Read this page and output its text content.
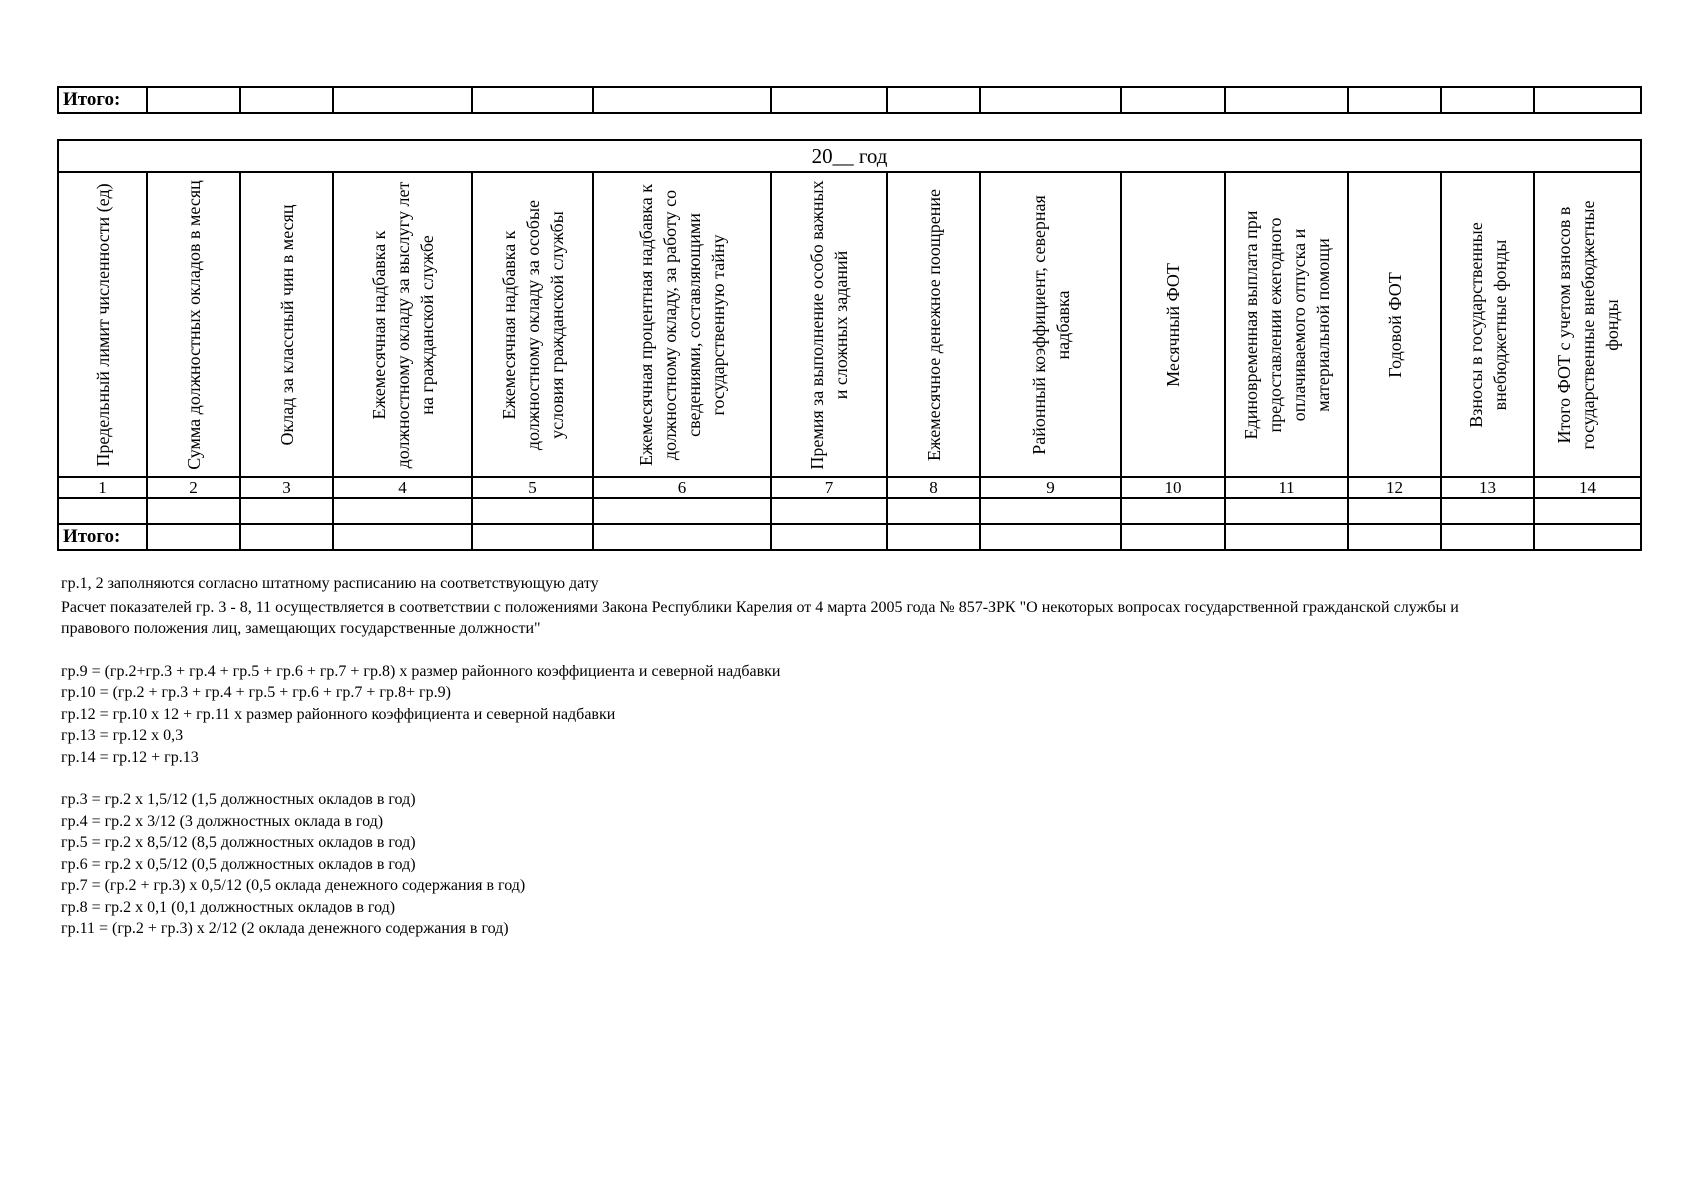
Итого:													
20__ год													

Предельный лимит численности (ед)	Сумма должностных окладов в месяц	Оклад за классный чин в месяц	Ежемесячная надбавка к должностному окладу за выслугу лет на гражданской службе	Ежемесячная надбавка к должностному окладу за особые условия гражданской службы	Ежемесячная процентная надбавка к должностному окладу, за работу со сведениями, составляющими государственную тайну	Премия за выполнение особо важных и сложных заданий	Ежемесячное денежное поощрение	Районный коэффициент, северная надбавка	Месячный ФОТ	Единовременная выплата при предоставлении ежегодного оплачиваемого отпуска и материальной помощи	Годовой ФОТ	Взносы в государственные внебюджетные фонды	Итого ФОТ с учетом взносов в государственные внебюджетные фонды

1	2	3	4	5	6	7	8	9	10	11	12	13	14

Итого:													
гр.1, 2 заполняются согласно штатному расписанию на соответствующую дату
Расчет показателей гр. 3 - 8, 11 осуществляется в соответствии с положениями Закона Республики Карелия от 4 марта 2005 года № 857-ЗРК "О некоторых вопросах государственной гражданской службы и
правового положения лиц, замещающих государственные должности"
гр.9 = (гр.2+гр.3 + гр.4 + гр.5 + гр.6 + гр.7 + гр.8) х размер районного коэффициента и северной надбавки
гр.10 = (гр.2 + гр.3 + гр.4 + гр.5 + гр.6 + гр.7 + гр.8+ гр.9)
гр.12 = гр.10 х 12 + гр.11 х размер районного коэффициента и северной надбавки
гр.13 = гр.12 х 0,3
гр.14 = гр.12 + гр.13
гр.3 = гр.2 х 1,5/12 (1,5 должностных окладов в год)
гр.4 = гр.2 х 3/12 (3 должностных оклада в год)
гр.5 = гр.2 х 8,5/12 (8,5 должностных окладов в год)
гр.6 = гр.2 х 0,5/12 (0,5 должностных окладов в год)
гр.7 = (гр.2 + гр.3) х 0,5/12 (0,5 оклада денежного содержания в год)
гр.8 = гр.2 х 0,1 (0,1 должностных окладов в год)
гр.11 = (гр.2 + гр.3) х 2/12 (2 оклада денежного содержания в год)
